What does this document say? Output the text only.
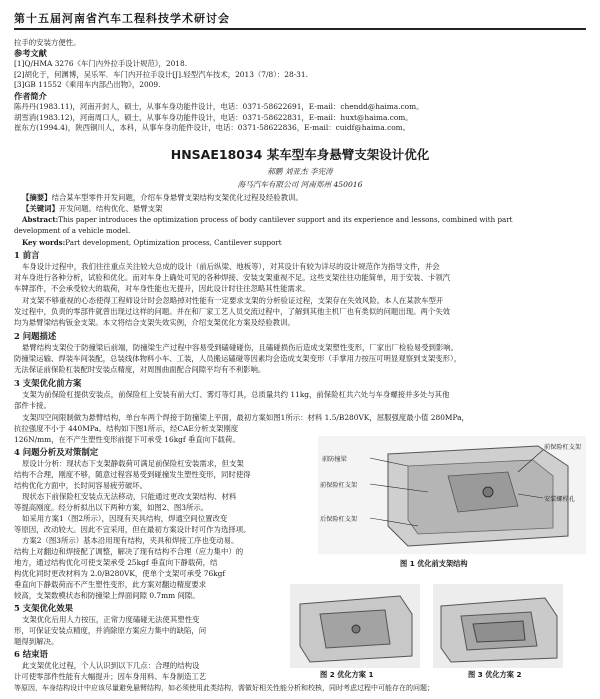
第十五届河南省汽车工程科技学术研讨会
拉手的安装方便性。
参考文献
[1]Q/HMA 3276《车门内外拉手设计规范》，2018.
[2]胡化于，何渊博，吴乐军．车门内开拉手设计[J].轻型汽车技术，2013（7/8）：28-31.
[3]GB 11552《乘用车内部凸出物》，2009.
作者简介
陈丹丹(1983.11)，河南开封人，硕士，从事车身功能件设计，电话：0371-58622691，E-mail：chendd@haima.com。
胡雪消(1983.12)，河南周口人，硕士，从事车身功能件设计，电话：0371-58622831，E-mail：huxt@haima.com。
崔东方(1994.4)，陕西铜川人，本科，从事车身功能件设计，电话：0371-58622836，E-mail：cuidf@haima.com。
HNSAE18034 某车型车身悬臂支架设计优化
郝鹏 刘亚杰 李宪涛
海马汽车有限公司 河南郑州 450016
【摘要】结合某车型零件开发问题，介绍车身悬臂支架结构支架优化过程及经验教训。
【关键词】开发问题、结构优化、悬臂支架
Abstract:This paper introduces the optimization process of body cantilever support and its experience and lessons, combined with part
development of a vehicle model.
Key words:Part development, Optimization process, Cantilever support
1 前言
车身设计过程中，我们往往重点关注较大总成的设计（前后纵梁、地板等），对其设计有较为详尽的设计规范作为指导文件，并会
对车身进行各种分析，试验和优化。而对车身上确处可见的各种焊接、安装支架重视不足。这些支架往往功能简单，用于安装、卡领汽
车牌部件，不会承受较大的载荷，对车身性能也无提升，因此设计时往往忽略其性能需求。
对支架不够重视的心态使得工程师设计时会忽略掉对性能有一定要求支架的分析验证过程，支架存在失效风险。本人在某款车型开
发过程中，负责的零部件就曾出现过这样的问题。并在和厂家工艺人员交流过程中，了解到其他主机厂也有类似的问题出现。两个失效
均为悬臂梁结构钣金支架。本文将结合支架失效实例，介绍支架优化方案及经验教训。
2 问题描述
悬臂结构支架位于防撞梁后前端，防撞梁生产过程中容易受到磕碰碰伤，且磕碰损伤后造成支架塑性变形，厂家出厂检验易受到影响。
防撞梁运输、焊装车间装配，总装线体物料小车、工装，人员搬运磕碰等因素均会造成支架变形（手掌用力按压可明显观察到支架变形），
无法保证前保险杠装配时安装点精度，对周围曲面配合间隙平均有不利影响。
3 支架优化前方案
支架为前保险杠提供安装点，前保险杠上安装有前大灯、雾灯等灯具，总质量共约 11kg，前保险杠共六处与车身螺接并多处与其他
部件卡接。
支架四空间限制做为悬臂结构，单台车两个焊接于防撞梁上平面，最初方案如图1所示：材料 1.5/B280VK，屈服强度最小值 280MPa，
抗拉强度不小于 440MPa。结构如下图1所示，经CAE分析支架刚度
126N/mm，在不产生塑性变形前提下可承受 16kgf 垂直向下载荷。
4 问题分析及对策制定
原设计分析：现状态下支架静载荷可满足前保险杠安装需求，但支架
结构不合理，刚度不够，随意过程容易受到碰撞发生塑性变形，同时使得
结构优化方面中，长时间容易疲劳破坏。
现状态下前保险杠安装点无法移动，只能通过更改支架结构、材料
等提高刚度。经分析拟出以下两种方案，如图2、图3所示。
如采用方案1（图2所示），因现有夹具结构，焊通空间位置改变
等原因，改动较大。因此不宜采用，但在最初方案设计时可作为选择项。
方案2（图3所示）基本沿用现有结构，夹具和焊接工序也变动易。
结构上对翻边和焊接配了调整，解决了现有结构不合理（应力集中）的
地方，通过结构优化可使支架承受 25kgf 垂直向下静载荷，结
构优化同时更改材料为 2.0/B280VK，使单个支架可承受 76kgf
垂直向下静载荷而不产生塑性变形，此方案对翻边精度要求
较高，支架数模状态和防撞梁上焊面间隙 0.7mm 间隙。
5 支架优化效果
支架优化后用人力按压，正常力度磕碰无法使其塑性变
形，可保证安装点精度，并消除原方案应力集中的缺陷，问
题得到解决。
6 结束语
此支架优化过程，个人认识到以下几点：合理的结构设
计可使零部件性能有大幅提升；因车身用料、车身制造工艺
等原因，车身结构设计中应该尽量避免悬臂结构，如必须使用此类结构，需做好相关性能分析和校核，同时考虑过程中可能存在的问题；
前防撞梁
前保险杠支架
后保险杠支架
安装螺栓孔
前保险杠支架
图 1 优化前支架结构
图 2 优化方案 1	图 3 优化方案 2
